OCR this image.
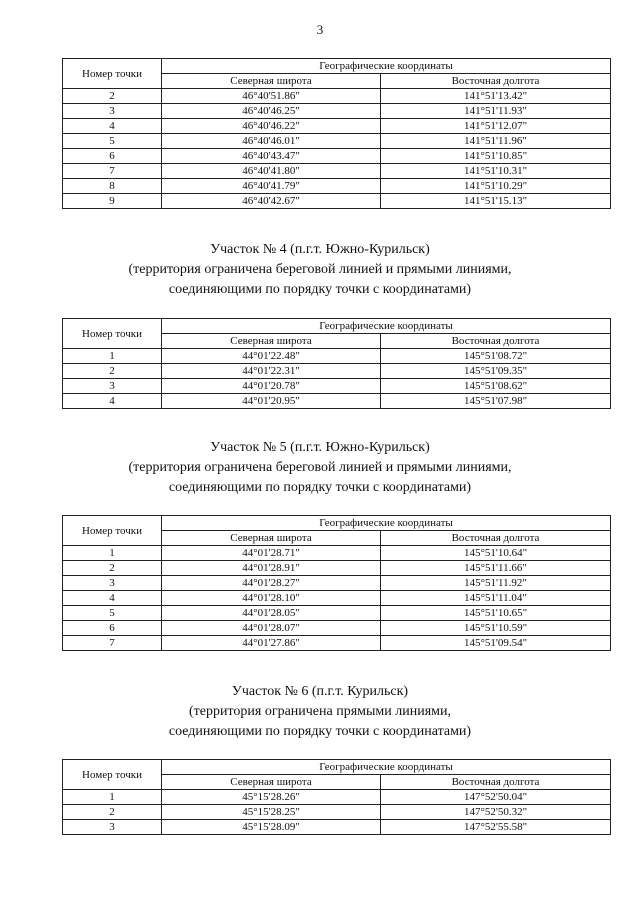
3
Номер точки	Географические координаты	
	Северная широта	Восточная долгота
2	46°40'51.86"	141°51'13.42"
3	46°40'46.25"	141°51'11.93"
4	46°40'46.22"	141°51'12.07"
5	46°40'46.01"	141°51'11.96"
6	46°40'43.47"	141°51'10.85"
7	46°40'41.80"	141°51'10.31"
8	46°40'41.79"	141°51'10.29"
9	46°40'42.67"	141°51'15.13"
Участок № 4 (п.г.т. Южно-Курильск)
(территория ограничена береговой линией и прямыми линиями,
соединяющими по порядку точки с координатами)
Номер точки	Географические координаты	
	Северная широта	Восточная долгота
1	44°01'22.48"	145°51'08.72"
2	44°01'22.31"	145°51'09.35"
3	44°01'20.78"	145°51'08.62"
4	44°01'20.95"	145°51'07.98"
Участок № 5 (п.г.т. Южно-Курильск)
(территория ограничена береговой линией и прямыми линиями,
соединяющими по порядку точки с координатами)
Номер точки	Географические координаты	
	Северная широта	Восточная долгота
1	44°01'28.71"	145°51'10.64"
2	44°01'28.91"	145°51'11.66"
3	44°01'28.27"	145°51'11.92"
4	44°01'28.10"	145°51'11.04"
5	44°01'28.05"	145°51'10.65"
6	44°01'28.07"	145°51'10.59"
7	44°01'27.86"	145°51'09.54"
Участок № 6 (п.г.т. Курильск)
(территория ограничена прямыми линиями,
соединяющими по порядку точки с координатами)
Номер точки	Географические координаты	
	Северная широта	Восточная долгота
1	45°15'28.26"	147°52'50.04"
2	45°15'28.25"	147°52'50.32"
3	45°15'28.09"	147°52'55.58"
